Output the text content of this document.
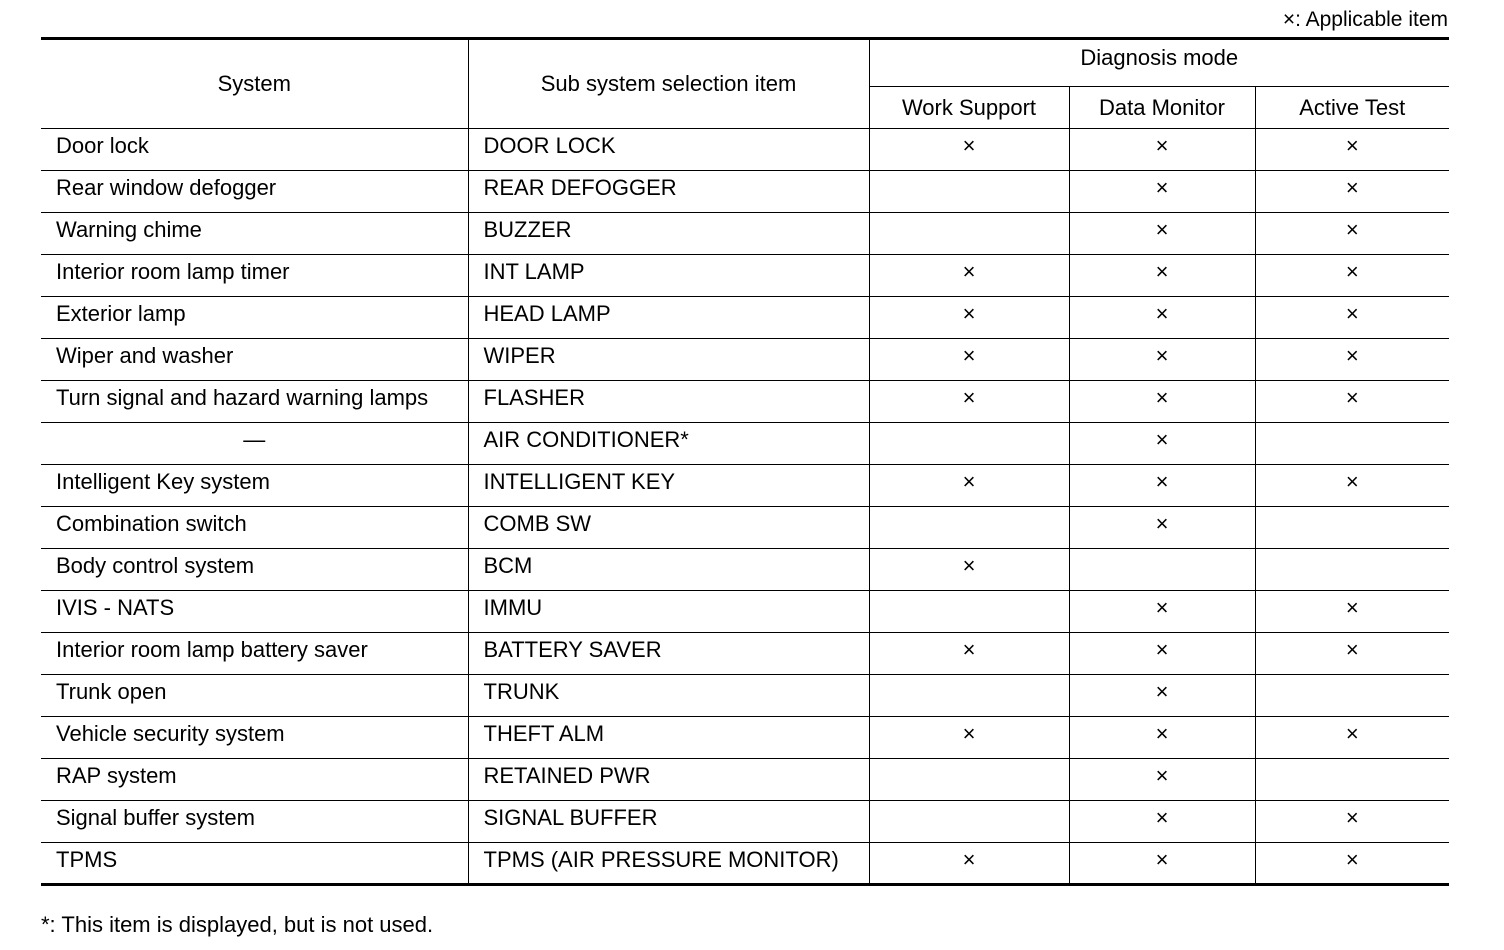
×: Applicable item
System	Sub system selection item	Diagnosis mode		
		Work Support	Data Monitor	Active Test
Door lock	DOOR LOCK	×	×	×
Rear window defogger	REAR DEFOGGER		×	×
Warning chime	BUZZER		×	×
Interior room lamp timer	INT LAMP	×	×	×
Exterior lamp	HEAD LAMP	×	×	×
Wiper and washer	WIPER	×	×	×
Turn signal and hazard warning lamps	FLASHER	×	×	×
—	AIR CONDITIONER*		×	
Intelligent Key system	INTELLIGENT KEY	×	×	×
Combination switch	COMB SW		×	
Body control system	BCM	×		
IVIS - NATS	IMMU		×	×
Interior room lamp battery saver	BATTERY SAVER	×	×	×
Trunk open	TRUNK		×	
Vehicle security system	THEFT ALM	×	×	×
RAP system	RETAINED PWR		×	
Signal buffer system	SIGNAL BUFFER		×	×
TPMS	TPMS (AIR PRESSURE MONITOR)	×	×	×
*: This item is displayed, but is not used.
